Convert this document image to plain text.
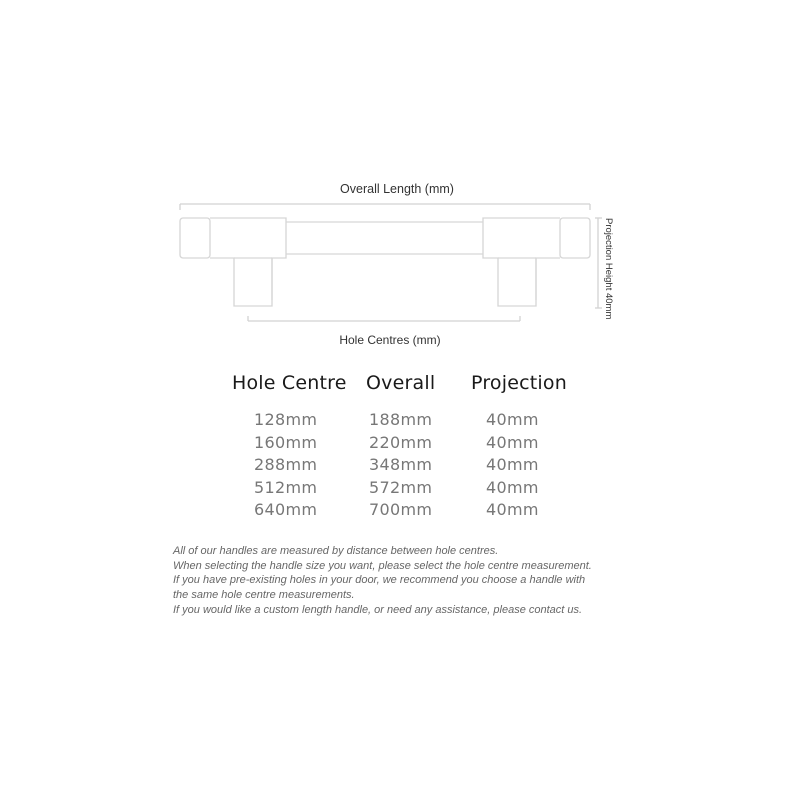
Overall Length (mm)
Hole Centres (mm)
Projection Height 40mm
Hole Centre Overall Projection
128mm
160mm
288mm
512mm
640mm
188mm
220mm
348mm
572mm
700mm
40mm
40mm
40mm
40mm
40mm
All of our handles are measured by distance between hole centres.
When selecting the handle size you want, please select the hole centre measurement.
If you have pre-existing holes in your door, we recommend you choose a handle with
the same hole centre measurements.
If you would like a custom length handle, or need any assistance, please contact us.
